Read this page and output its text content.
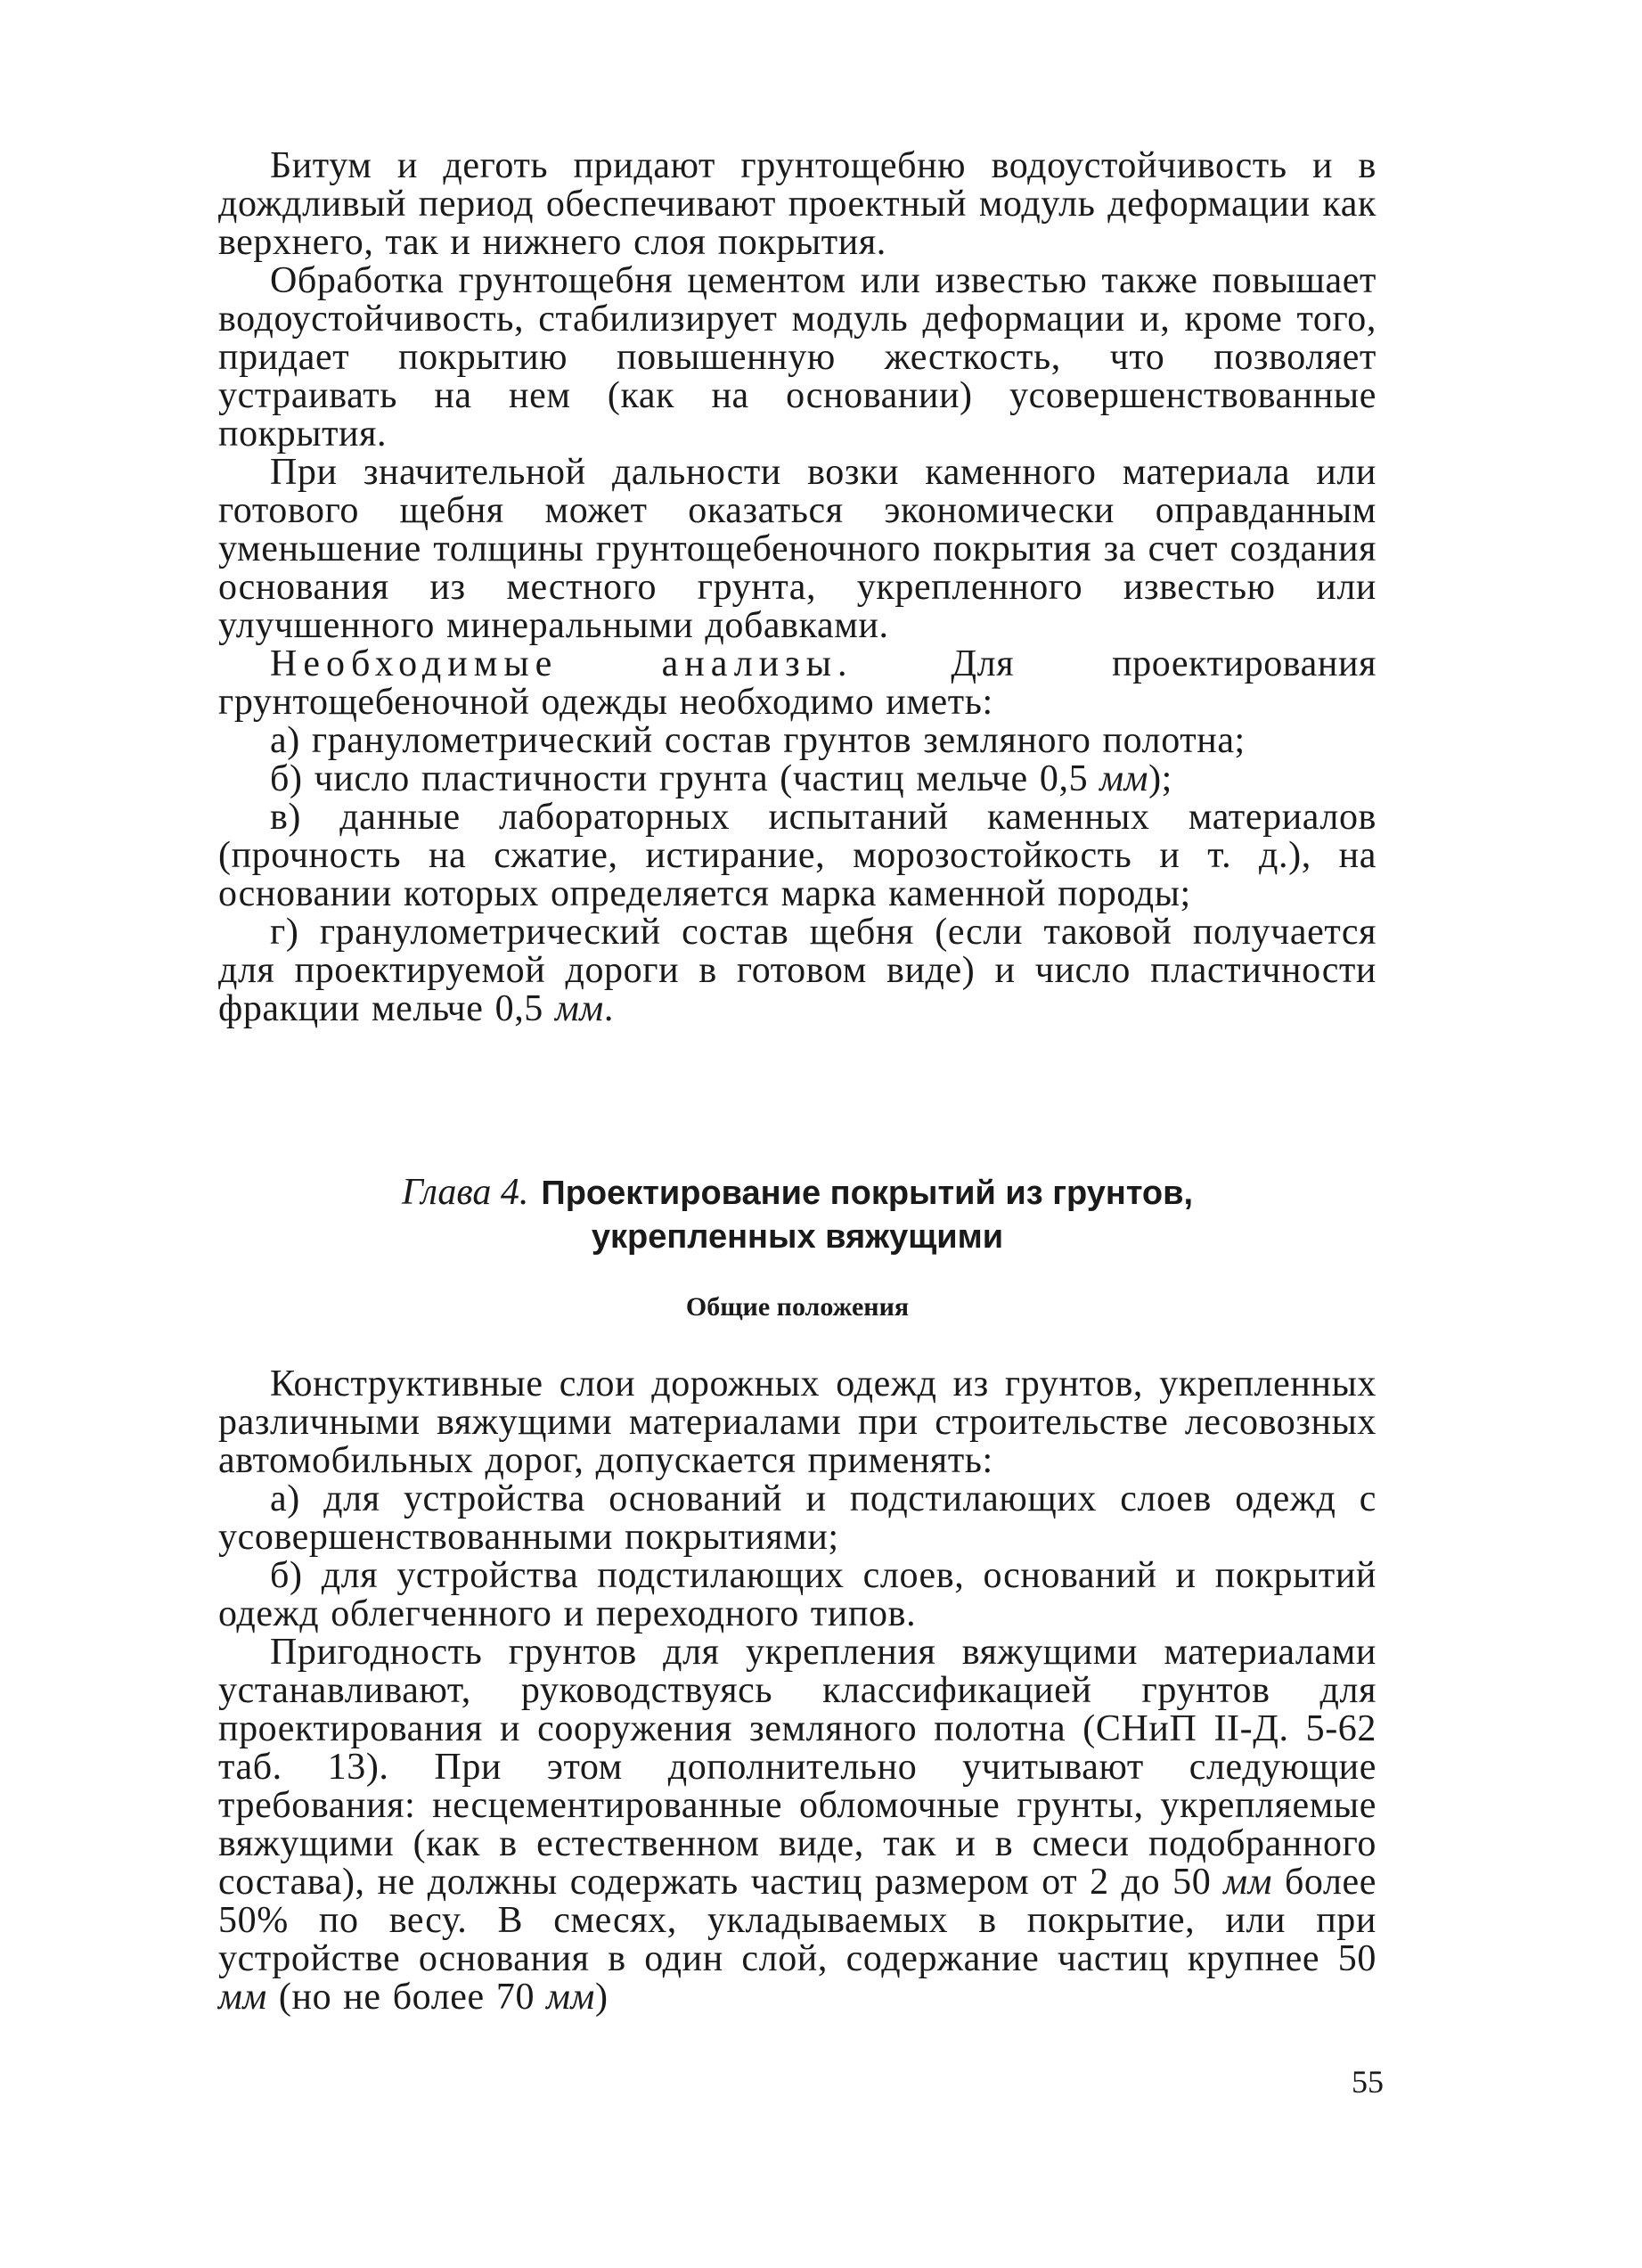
Битум и деготь придают грунтощебню водоустойчивость и в дождливый период обеспечивают проектный модуль деформации как верхнего, так и нижнего слоя покрытия.

Обработка грунтощебня цементом или известью также повышает водоустойчивость, стабилизирует модуль деформации и, кроме того, придает покрытию повышенную жесткость, что позволяет устраивать на нем (как на основании) усовершенствованные покрытия.

При значительной дальности возки каменного материала или готового щебня может оказаться экономически оправданным уменьшение толщины грунтощебеночного покрытия за счет создания основания из местного грунта, укрепленного известью или улучшенного минеральными добавками.

Необходимые анализы. Для проектирования грунтощебеночной одежды необходимо иметь:

а) гранулометрический состав грунтов земляного полотна;

б) число пластичности грунта (частиц мельче 0,5 мм);

в) данные лабораторных испытаний каменных материалов (прочность на сжатие, истирание, морозостойкость и т. д.), на основании которых определяется марка каменной породы;

г) гранулометрический состав щебня (если таковой получается для проектируемой дороги в готовом виде) и число пластичности фракции мельче 0,5 мм.

Глава 4. Проектирование покрытий из грунтов,
укрепленных вяжущими
Общие положения

Конструктивные слои дорожных одежд из грунтов, укрепленных различными вяжущими материалами при строительстве лесовозных автомобильных дорог, допускается применять:

а) для устройства оснований и подстилающих слоев одежд с усовершенствованными покрытиями;

б) для устройства подстилающих слоев, оснований и покрытий одежд облегченного и переходного типов.

Пригодность грунтов для укрепления вяжущими материалами устанавливают, руководствуясь классификацией грунтов для проектирования и сооружения земляного полотна (СНиП II-Д. 5-62 таб. 13). При этом дополнительно учитывают следующие требования: несцементированные обломочные грунты, укрепляемые вяжущими (как в естественном виде, так и в смеси подобранного состава), не должны содержать частиц размером от 2 до 50 мм более 50% по весу. В смесях, укладываемых в покрытие, или при устройстве основания в один слой, содержание частиц крупнее 50 мм (но не более 70 мм)

55
